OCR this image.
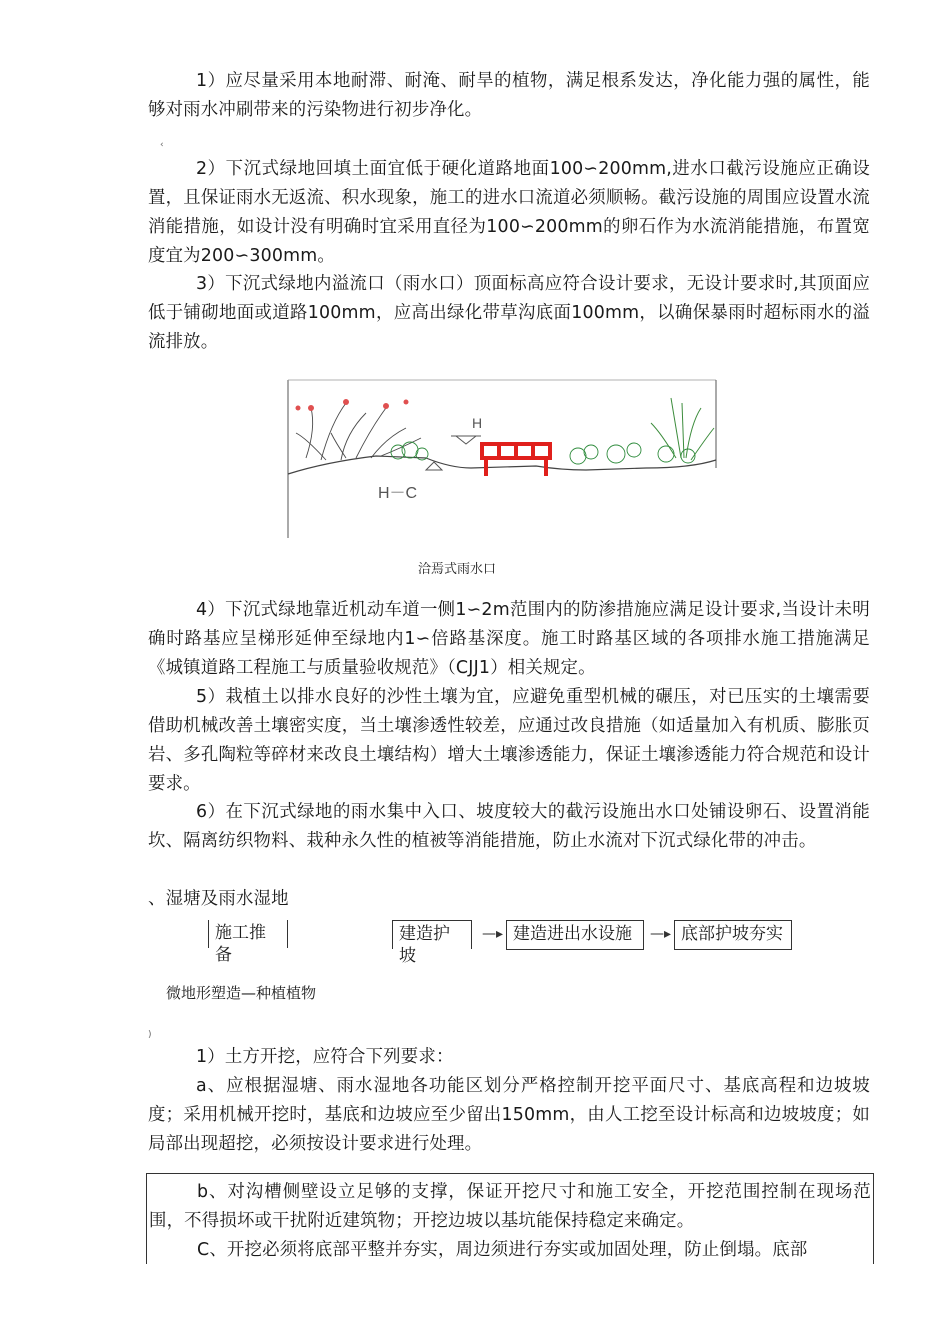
1）应尽量采用本地耐滞、耐淹、耐旱的植物，满足根系发达，净化能力强的属性，能够对雨水冲刷带来的污染物进行初步净化。

‹

2）下沉式绿地回填土面宜低于硬化道路地面100∽200mm,进水口截污设施应正确设置，且保证雨水无返流、积水现象，施工的进水口流道必须顺畅。截污设施的周围应设置水流消能措施，如设计没有明确时宜采用直径为100∽200mm的卵石作为水流消能措施，布置宽度宜为200∽300mm。

3）下沉式绿地内溢流口（雨水口）顶面标高应符合设计要求，无设计要求时,其顶面应低于铺砌地面或道路100mm，应高出绿化带草沟底面100mm，以确保暴雨时超标雨水的溢流排放。

H
H－C
洽焉式雨水口

4）下沉式绿地靠近机动车道一侧1∽2m范围内的防渗措施应满足设计要求,当设计未明确时路基应呈梯形延伸至绿地内1∽倍路基深度。施工时路基区域的各项排水施工措施满足《城镇道路工程施工与质量验收规范》（CJJ1）相关规定。

5）栽植土以排水良好的沙性土壤为宜，应避免重型机械的碾压，对已压实的土壤需要借助机械改善土壤密实度，当土壤渗透性较差，应通过改良措施（如适量加入有机质、膨胀页岩、多孔陶粒等碎材来改良土壤结构）增大土壤渗透能力，保证土壤渗透能力符合规范和设计要求。

6）在下沉式绿地的雨水集中入口、坡度较大的截污设施出水口处铺设卵石、设置消能坎、隔离纺织物料、栽种永久性的植被等消能措施，防止水流对下沉式绿化带的冲击。

、湿塘及雨水湿地

施工推备
建造护坡
—▸ 建造进出水设施	—▸ 底部护坡夯实
微地形塑造—种植植物
)

1）土方开挖，应符合下列要求：

a、应根据湿塘、雨水湿地各功能区划分严格控制开挖平面尺寸、基底高程和边坡坡度；采用机械开挖时，基底和边坡应至少留出150mm，由人工挖至设计标高和边坡坡度；如局部出现超挖，必须按设计要求进行处理。

b、对沟槽侧壁设立足够的支撑，保证开挖尺寸和施工安全，开挖范围控制在现场范围，不得损坏或干扰附近建筑物；开挖边坡以基坑能保持稳定来确定。

C、开挖必须将底部平整并夯实，周边须进行夯实或加固处理，防止倒塌。底部
